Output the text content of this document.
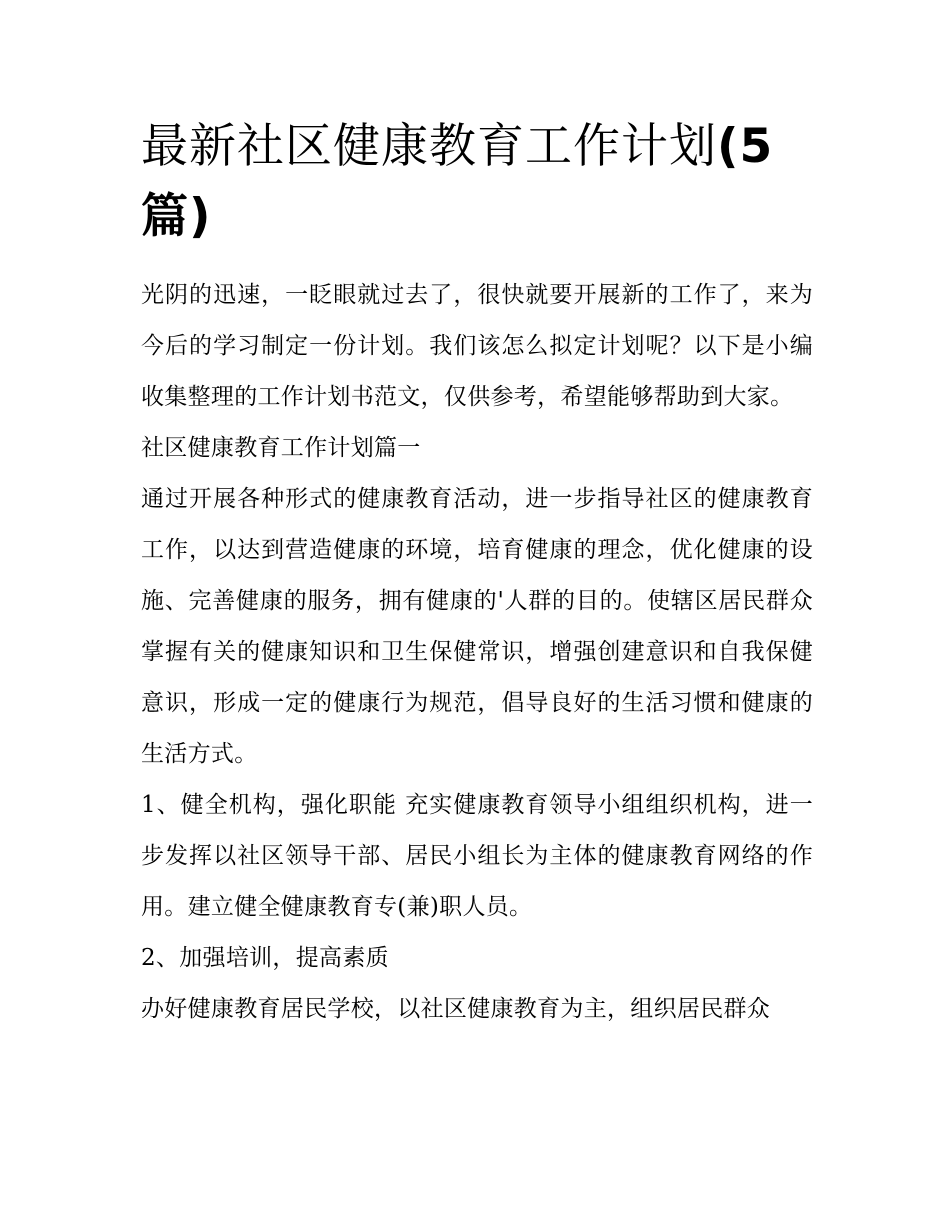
最新社区健康教育工作计划(5篇)

光阴的迅速，一眨眼就过去了，很快就要开展新的工作了，来为今后的学习制定一份计划。我们该怎么拟定计划呢？以下是小编收集整理的工作计划书范文，仅供参考，希望能够帮助到大家。

社区健康教育工作计划篇一

通过开展各种形式的健康教育活动，进一步指导社区的健康教育工作，以达到营造健康的环境，培育健康的理念，优化健康的设施、完善健康的服务，拥有健康的'人群的目的。使辖区居民群众掌握有关的健康知识和卫生保健常识，增强创建意识和自我保健意识，形成一定的健康行为规范，倡导良好的生活习惯和健康的生活方式。

1、健全机构，强化职能 充实健康教育领导小组组织机构，进一步发挥以社区领导干部、居民小组长为主体的健康教育网络的作用。建立健全健康教育专(兼)职人员。

2、加强培训，提高素质

办好健康教育居民学校，以社区健康教育为主，组织居民群众
